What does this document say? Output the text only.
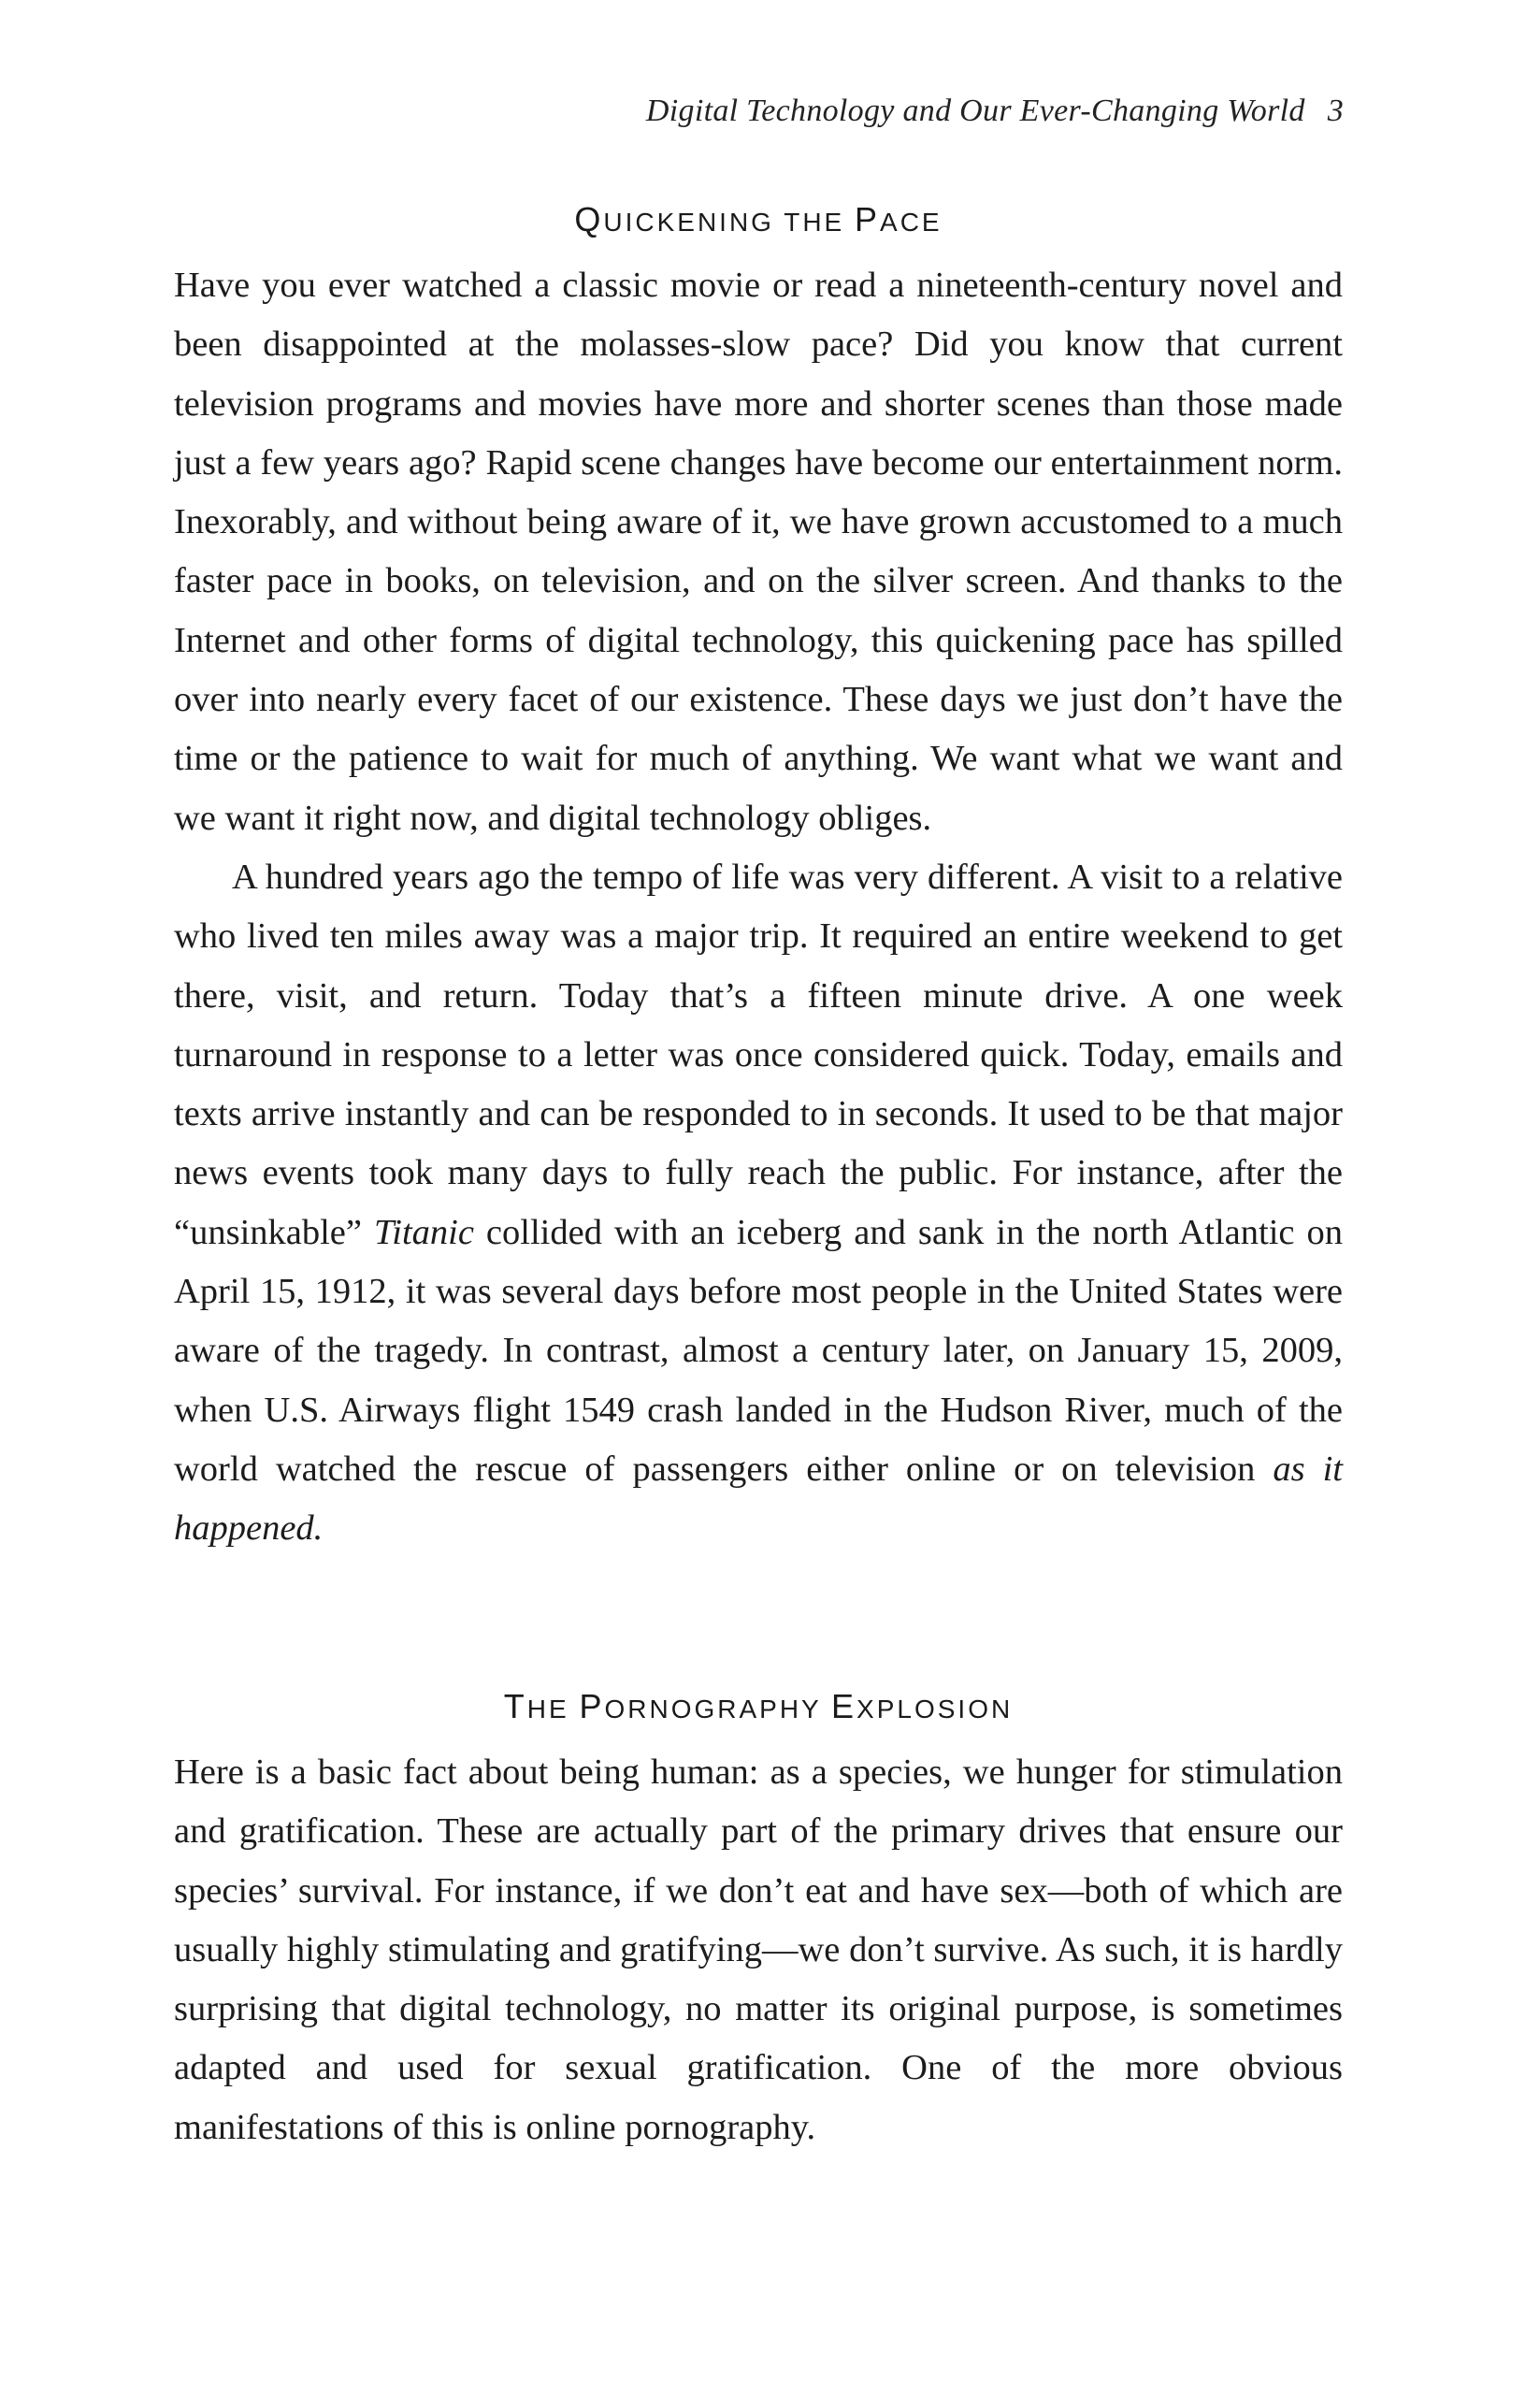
Digital Technology and Our Ever-Changing World 3
QUICKENING THE PACE

Have you ever watched a classic movie or read a nineteenth-century novel and been disappointed at the molasses-slow pace? Did you know that current television programs and movies have more and shorter scenes than those made just a few years ago? Rapid scene changes have become our entertainment norm. Inexorably, and without being aware of it, we have grown accustomed to a much faster pace in books, on television, and on the silver screen. And thanks to the Internet and other forms of digital technology, this quickening pace has spilled over into nearly every facet of our existence. These days we just don’t have the time or the patience to wait for much of anything. We want what we want and we want it right now, and digital technology obliges.

A hundred years ago the tempo of life was very different. A visit to a relative who lived ten miles away was a major trip. It required an entire weekend to get there, visit, and return. Today that’s a fifteen minute drive. A one week turnaround in response to a letter was once considered quick. Today, emails and texts arrive instantly and can be responded to in seconds. It used to be that major news events took many days to fully reach the public. For instance, after the “unsinkable” Titanic collided with an iceberg and sank in the north Atlantic on April 15, 1912, it was several days before most people in the United States were aware of the tragedy. In contrast, almost a century later, on January 15, 2009, when U.S. Airways flight 1549 crash landed in the Hudson River, much of the world watched the rescue of passengers either online or on television as it happened.

THE PORNOGRAPHY EXPLOSION

Here is a basic fact about being human: as a species, we hunger for stimulation and gratification. These are actually part of the primary drives that ensure our species’ survival. For instance, if we don’t eat and have sex—both of which are usually highly stimulating and gratifying—we don’t survive. As such, it is hardly surprising that digital technology, no matter its original purpose, is sometimes adapted and used for sexual gratification. One of the more obvious manifestations of this is online pornography.
